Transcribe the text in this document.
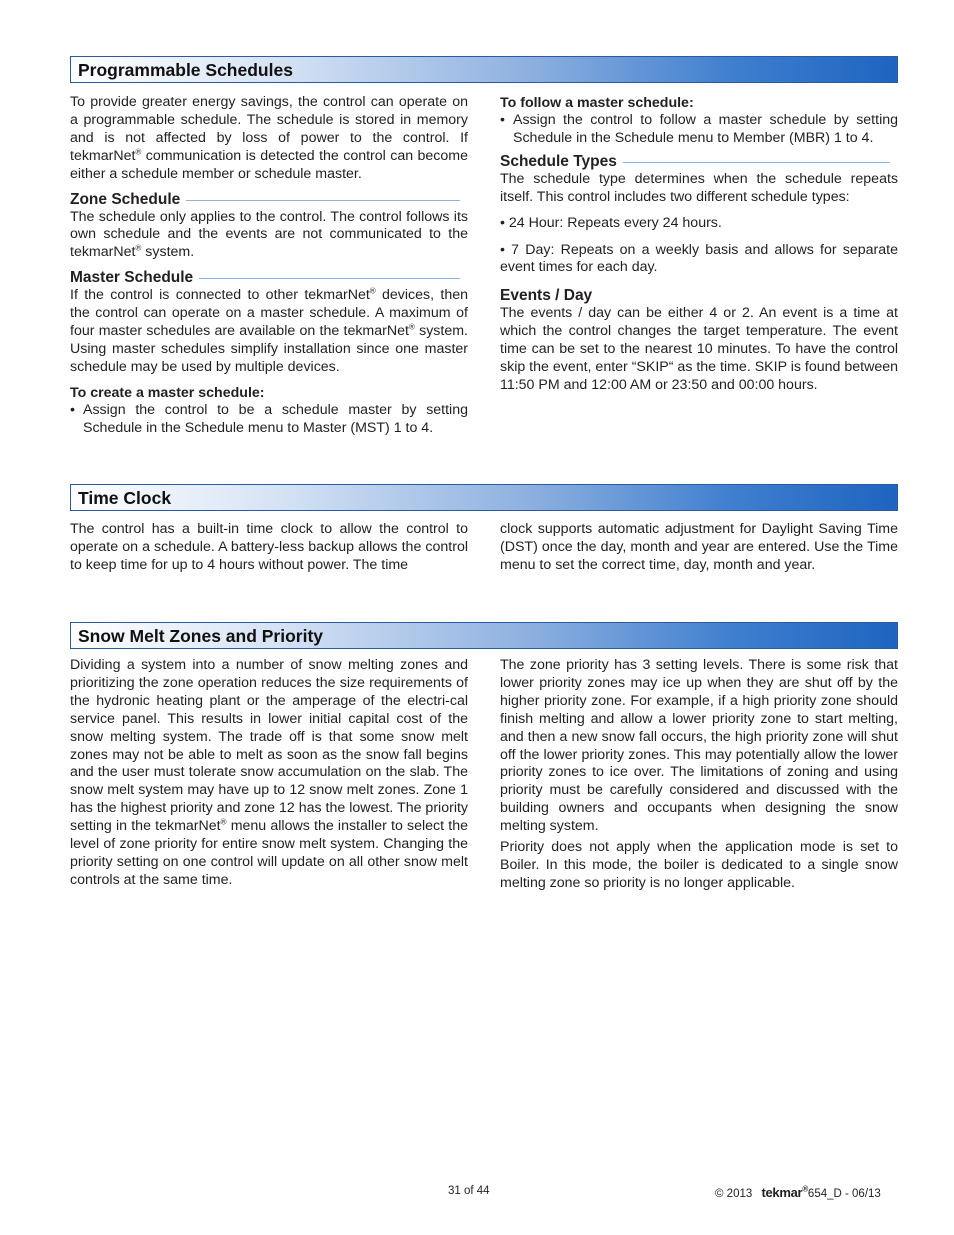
Programmable Schedules

To provide greater energy savings, the control can operate on a programmable schedule. The schedule is stored in memory and is not affected by loss of power to the control. If tekmarNet® communication is detected the control can become either a schedule member or schedule master.

Zone Schedule

The schedule only applies to the control. The control follows its own schedule and the events are not communicated to the tekmarNet® system.

Master Schedule

If the control is connected to other tekmarNet® devices, then the control can operate on a master schedule. A maximum of four master schedules are available on the tekmarNet® system. Using master schedules simplify installation since one master schedule may be used by multiple devices.

To create a master schedule:
• Assign the control to be a schedule master by setting Schedule in the Schedule menu to Master (MST) 1 to 4.
To follow a master schedule:
• Assign the control to follow a master schedule by setting Schedule in the Schedule menu to Member (MBR) 1 to 4.
Schedule Types

The schedule type determines when the schedule repeats itself. This control includes two different schedule types:

• 24 Hour: Repeats every 24 hours.

• 7 Day: Repeats on a weekly basis and allows for separate event times for each day.

Events / Day

The events / day can be either 4 or 2. An event is a time at which the control changes the target temperature. The event time can be set to the nearest 10 minutes. To have the control skip the event, enter “SKIP“ as the time. SKIP is found between 11:50 PM and 12:00 AM or 23:50 and 00:00 hours.

Time Clock

The control has a built-in time clock to allow the control to operate on a schedule. A battery-less backup allows the control to keep time for up to 4 hours without power. The time

clock supports automatic adjustment for Daylight Saving Time (DST) once the day, month and year are entered. Use the Time menu to set the correct time, day, month and year.

Snow Melt Zones and Priority

Dividing a system into a number of snow melting zones and prioritizing the zone operation reduces the size requirements of the hydronic heating plant or the amperage of the electri-cal service panel. This results in lower initial capital cost of the snow melting system. The trade off is that some snow melt zones may not be able to melt as soon as the snow fall begins and the user must tolerate snow accumulation on the slab. The snow melt system may have up to 12 snow melt zones. Zone 1 has the highest priority and zone 12 has the lowest. The priority setting in the tekmarNet® menu allows the installer to select the level of zone priority for entire snow melt system. Changing the priority setting on one control will update on all other snow melt controls at the same time.

The zone priority has 3 setting levels. There is some risk that lower priority zones may ice up when they are shut off by the higher priority zone. For example, if a high priority zone should finish melting and allow a lower priority zone to start melting, and then a new snow fall occurs, the high priority zone will shut off the lower priority zones. This may potentially allow the lower priority zones to ice over. The limitations of zoning and using priority must be carefully considered and discussed with the building owners and occupants when designing the snow melting system.

Priority does not apply when the application mode is set to Boiler. In this mode, the boiler is dedicated to a single snow melting zone so priority is no longer applicable.

31 of 44	© 2013 tekmar®654_D - 06/13
